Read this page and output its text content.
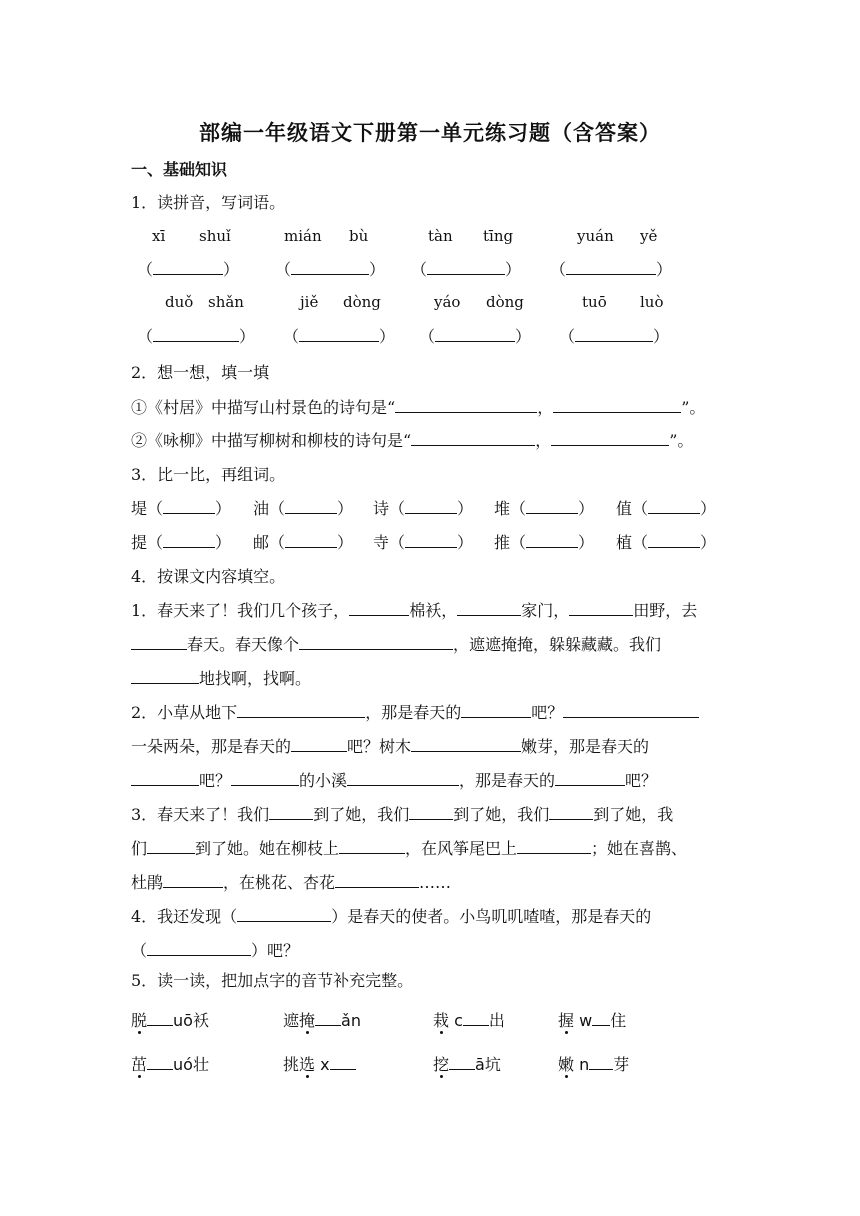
部编一年级语文下册第一单元练习题（含答案）
一、基础知识
1．读拼音，写词语。
xī shuǐ	mián bù	tàn tīng	yuán yě
（	） （	） （	） （	）
duǒ shǎn	jiě dòng	yáo dòng	tuō luò
（	） （	） （	） （	）
2．想一想，填一填
①《村居》中描写山村景色的诗句是“	，	”。
②《咏柳》中描写柳树和柳枝的诗句是“	，	”。
3．比一比，再组词。
堤（	） 油（	） 诗（	） 堆（	） 值（	）
提（	） 邮（	） 寺（	） 推（	） 植（	）
4．按课文内容填空。
1．春天来了！我们几个孩子，	棉袄，	家门，	田野，去
春天。春天像个	，遮遮掩掩，躲躲藏藏。我们
地找啊，找啊。
2．小草从地下	，那是春天的	吧？
一朵两朵，那是春天的	吧？树木	嫩芽，那是春天的
吧？	的小溪	，那是春天的	吧？
3．春天来了！我们	到了她，我们	到了她，我们	到了她，我
们	到了她。她在柳枝上	，在风筝尾巴上	；她在喜鹊、
杜鹃	，在桃花、杏花	……
4．我还发现（	）是春天的使者。小鸟叽叽喳喳，那是春天的
（	）吧？
5．读一读，把加点字的音节补充完整。
脱 uō袄	遮掩 ǎn	栽 c 出	握 w 住
茁 uó壮	挑选 x	挖 ā坑	嫩 n 芽
